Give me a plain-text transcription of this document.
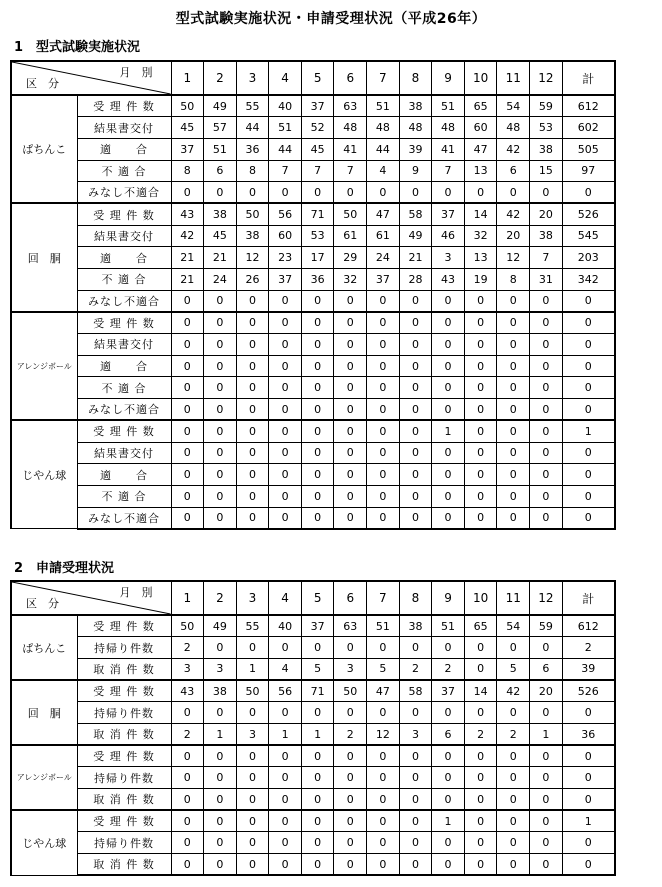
型式試験実施状況・申請受理状況（平成26年）
1　型式試験実施状況
月　別
区　分		1	2	3	4	5	6	7	8	9	10	11	12	計
ぱちんこ	受 理 件 数	50	49	55	40	37	63	51	38	51	65	54	59	612
	結果書交付	45	57	44	51	52	48	48	48	48	60	48	53	602
	適　　合	37	51	36	44	45	41	44	39	41	47	42	38	505
	不 適 合	8	6	8	7	7	7	4	9	7	13	6	15	97
	みなし不適合	0	0	0	0	0	0	0	0	0	0	0	0	0
回　胴	受 理 件 数	43	38	50	56	71	50	47	58	37	14	42	20	526
	結果書交付	42	45	38	60	53	61	61	49	46	32	20	38	545
	適　　合	21	21	12	23	17	29	24	21	3	13	12	7	203
	不 適 合	21	24	26	37	36	32	37	28	43	19	8	31	342
	みなし不適合	0	0	0	0	0	0	0	0	0	0	0	0	0
アレンジボール	受 理 件 数	0	0	0	0	0	0	0	0	0	0	0	0	0
	結果書交付	0	0	0	0	0	0	0	0	0	0	0	0	0
	適　　合	0	0	0	0	0	0	0	0	0	0	0	0	0
	不 適 合	0	0	0	0	0	0	0	0	0	0	0	0	0
	みなし不適合	0	0	0	0	0	0	0	0	0	0	0	0	0
じやん球	受 理 件 数	0	0	0	0	0	0	0	0	1	0	0	0	1
	結果書交付	0	0	0	0	0	0	0	0	0	0	0	0	0
	適　　合	0	0	0	0	0	0	0	0	0	0	0	0	0
	不 適 合	0	0	0	0	0	0	0	0	0	0	0	0	0
	みなし不適合	0	0	0	0	0	0	0	0	0	0	0	0	0
2　申請受理状況
月　別
区　分		1	2	3	4	5	6	7	8	9	10	11	12	計
ぱちんこ	受 理 件 数	50	49	55	40	37	63	51	38	51	65	54	59	612
	持帰り件数	2	0	0	0	0	0	0	0	0	0	0	0	2
	取 消 件 数	3	3	1	4	5	3	5	2	2	0	5	6	39
回　胴	受 理 件 数	43	38	50	56	71	50	47	58	37	14	42	20	526
	持帰り件数	0	0	0	0	0	0	0	0	0	0	0	0	0
	取 消 件 数	2	1	3	1	1	2	12	3	6	2	2	1	36
アレンジボール	受 理 件 数	0	0	0	0	0	0	0	0	0	0	0	0	0
	持帰り件数	0	0	0	0	0	0	0	0	0	0	0	0	0
	取 消 件 数	0	0	0	0	0	0	0	0	0	0	0	0	0
じやん球	受 理 件 数	0	0	0	0	0	0	0	0	1	0	0	0	1
	持帰り件数	0	0	0	0	0	0	0	0	0	0	0	0	0
	取 消 件 数	0	0	0	0	0	0	0	0	0	0	0	0	0
